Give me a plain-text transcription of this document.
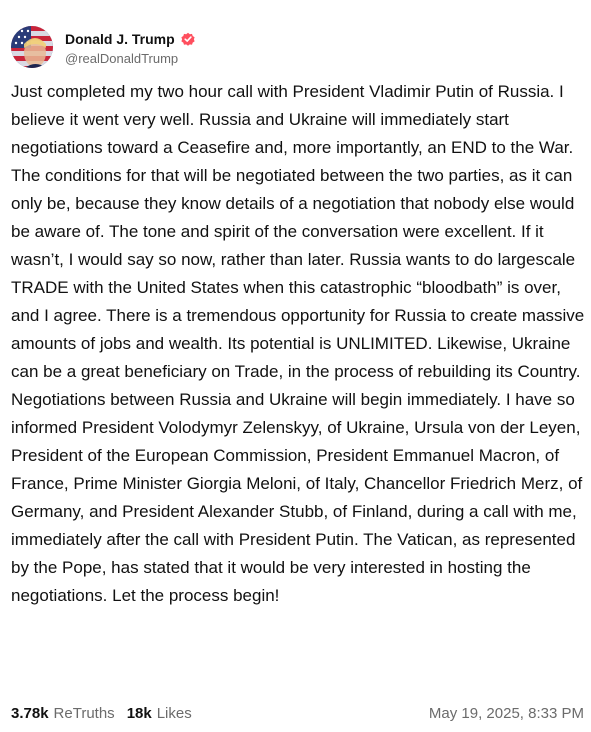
Donald J. Trump
@realDonaldTrump
Just completed my two hour call with President Vladimir Putin of Russia. I believe it went very well. Russia and Ukraine will immediately start negotiations toward a Ceasefire and, more importantly, an END to the War. The conditions for that will be negotiated between the two parties, as it can only be, because they know details of a negotiation that nobody else would be aware of. The tone and spirit of the conversation were excellent. If it wasn’t, I would say so now, rather than later. Russia wants to do largescale TRADE with the United States when this catastrophic “bloodbath” is over, and I agree. There is a tremendous opportunity for Russia to create massive amounts of jobs and wealth. Its potential is UNLIMITED. Likewise, Ukraine can be a great beneficiary on Trade, in the process of rebuilding its Country. Negotiations between Russia and Ukraine will begin immediately. I have so informed President Volodymyr Zelenskyy, of Ukraine, Ursula von der Leyen, President of the European Commission, President Emmanuel Macron, of France, Prime Minister Giorgia Meloni, of Italy, Chancellor Friedrich Merz, of Germany, and President Alexander Stubb, of Finland, during a call with me, immediately after the call with President Putin. The Vatican, as represented by the Pope, has stated that it would be very interested in hosting the negotiations. Let the process begin!
3.78k ReTruths 18k Likes	May 19, 2025, 8:33 PM
